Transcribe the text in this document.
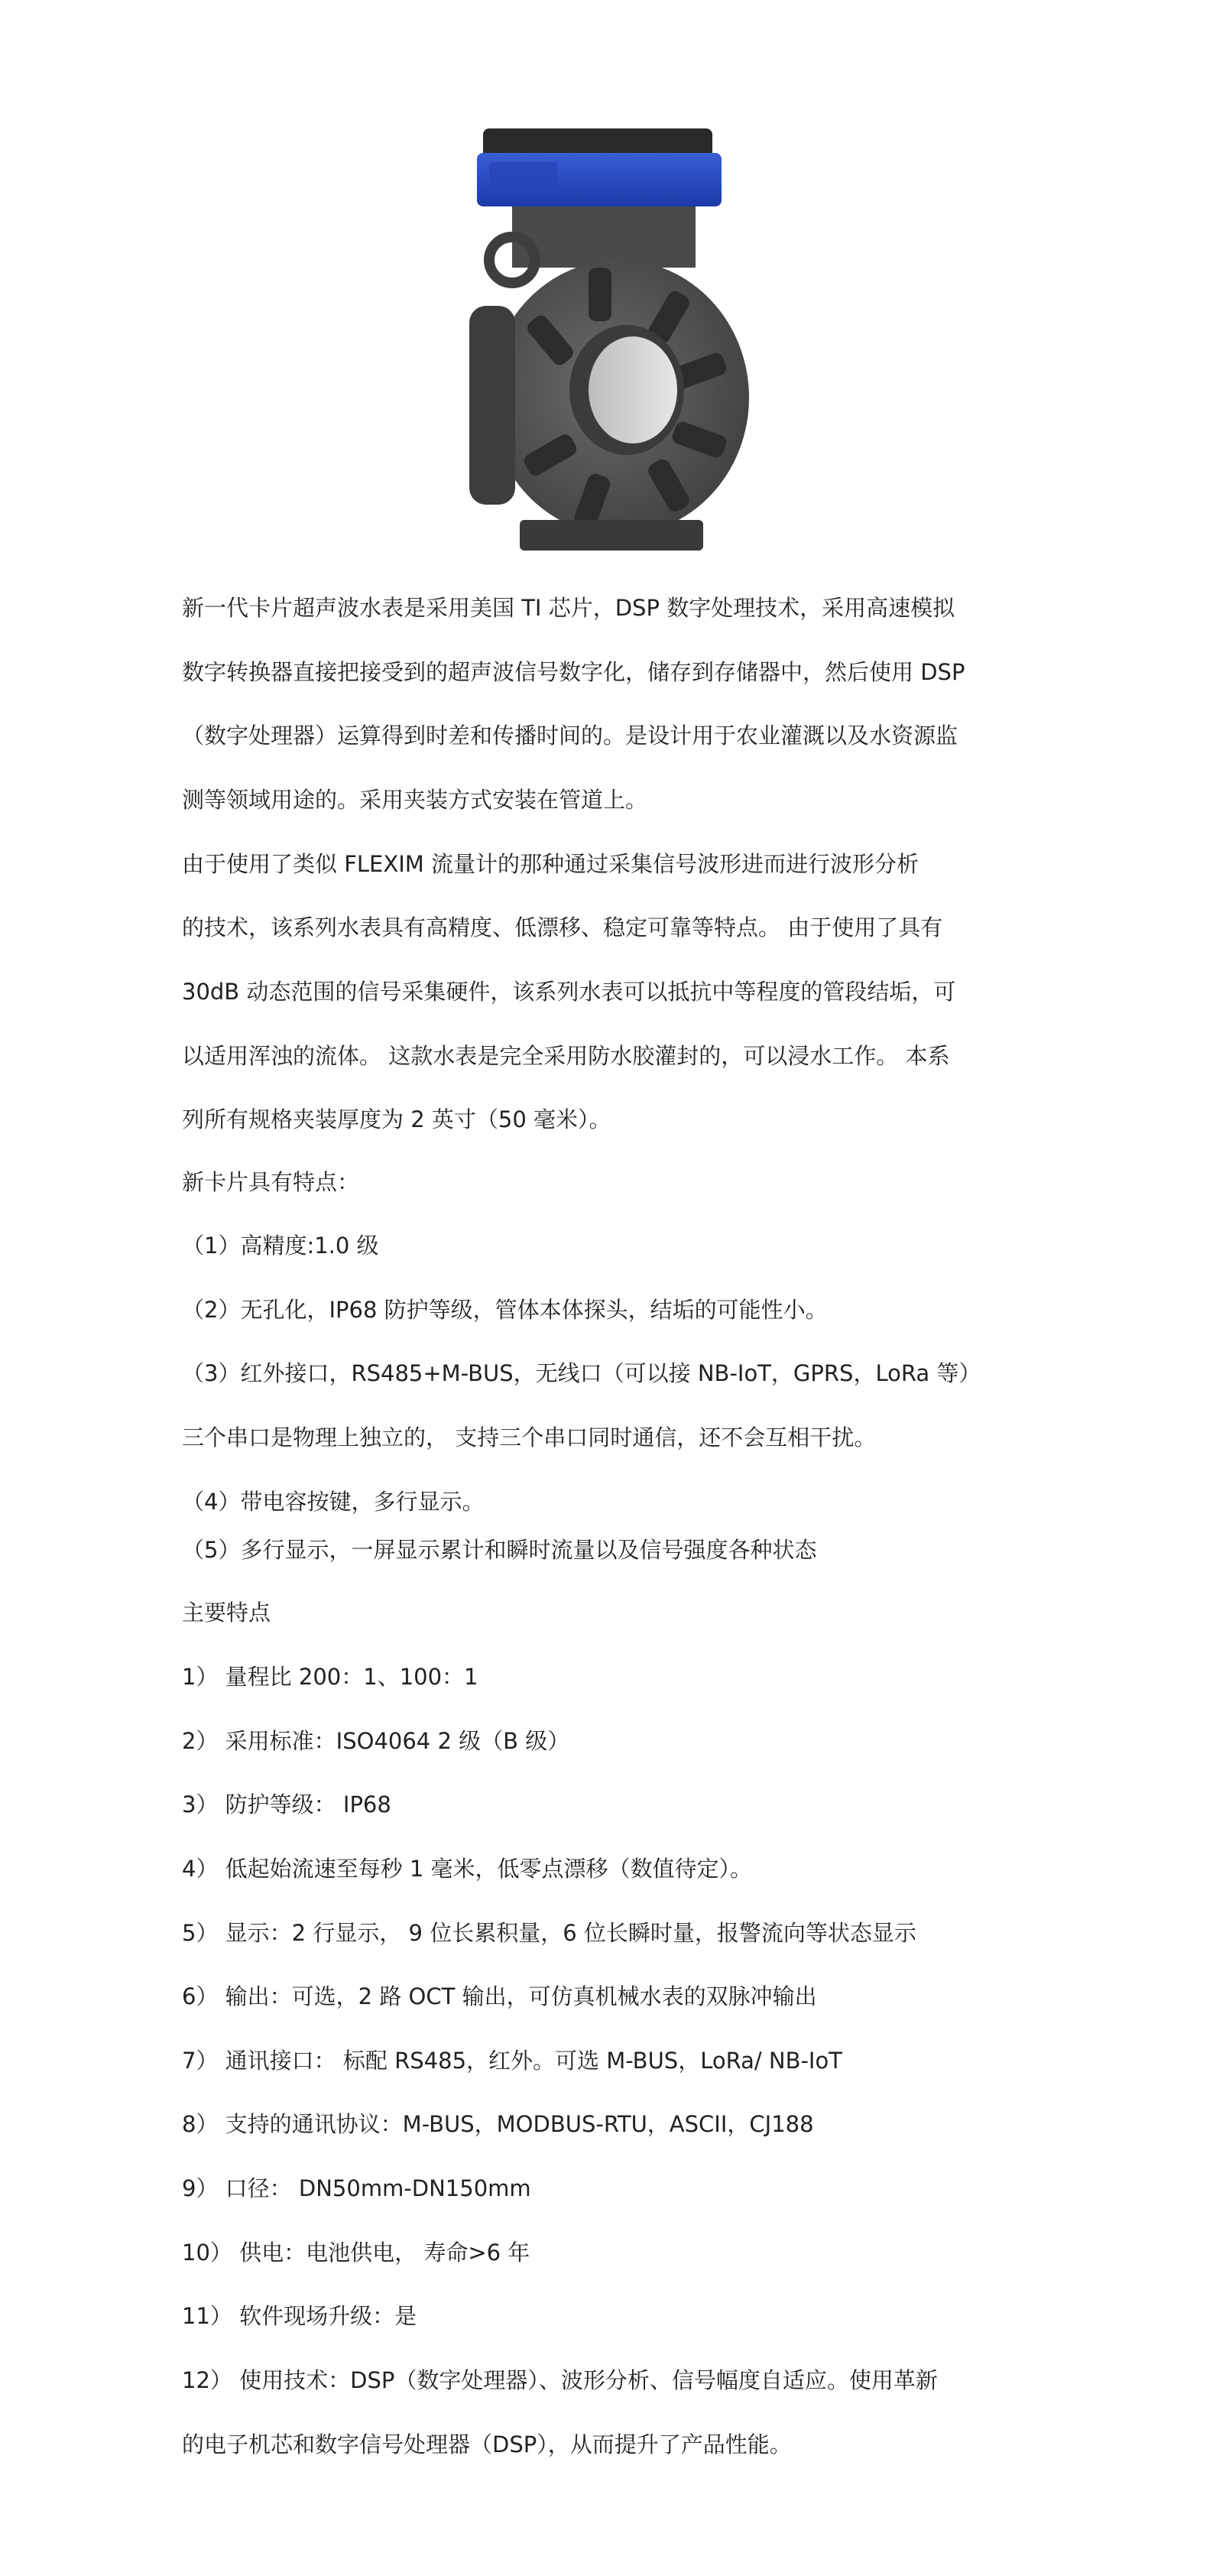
新一代卡片超声波水表是采用美国 TI 芯片，DSP 数字处理技术，采用高速模拟
数字转换器直接把接受到的超声波信号数字化，储存到存储器中，然后使用 DSP
（数字处理器）运算得到时差和传播时间的。是设计用于农业灌溉以及水资源监
测等领域用途的。采用夹装方式安装在管道上。
由于使用了类似 FLEXIM 流量计的那种通过采集信号波形进而进行波形分析
的技术，该系列水表具有高精度、低漂移、稳定可靠等特点。 由于使用了具有
30dB 动态范围的信号采集硬件，该系列水表可以抵抗中等程度的管段结垢，可
以适用浑浊的流体。 这款水表是完全采用防水胶灌封的，可以浸水工作。 本系
列所有规格夹装厚度为 2 英寸（50 毫米）。
新卡片具有特点：
（1）高精度:1.0 级
（2）无孔化，IP68 防护等级，管体本体探头，结垢的可能性小。
（3）红外接口，RS485+M-BUS，无线口（可以接 NB-IoT，GPRS，LoRa 等）
三个串口是物理上独立的， 支持三个串口同时通信，还不会互相干扰。
（4）带电容按键，多行显示。
（5）多行显示，一屏显示累计和瞬时流量以及信号强度各种状态
主要特点
1） 量程比 200：1、100：1
2） 采用标准：ISO4064 2 级（B 级）
3） 防护等级： IP68
4） 低起始流速至每秒 1 毫米，低零点漂移（数值待定）。
5） 显示：2 行显示， 9 位长累积量，6 位长瞬时量，报警流向等状态显示
6） 输出：可选，2 路 OCT 输出，可仿真机械水表的双脉冲输出
7） 通讯接口： 标配 RS485，红外。可选 M-BUS，LoRa/ NB-IoT
8） 支持的通讯协议：M-BUS，MODBUS-RTU，ASCII，CJ188
9） 口径： DN50mm-DN150mm
10） 供电：电池供电， 寿命>6 年
11） 软件现场升级：是
12） 使用技术：DSP（数字处理器）、波形分析、信号幅度自适应。使用革新
的电子机芯和数字信号处理器（DSP），从而提升了产品性能。
